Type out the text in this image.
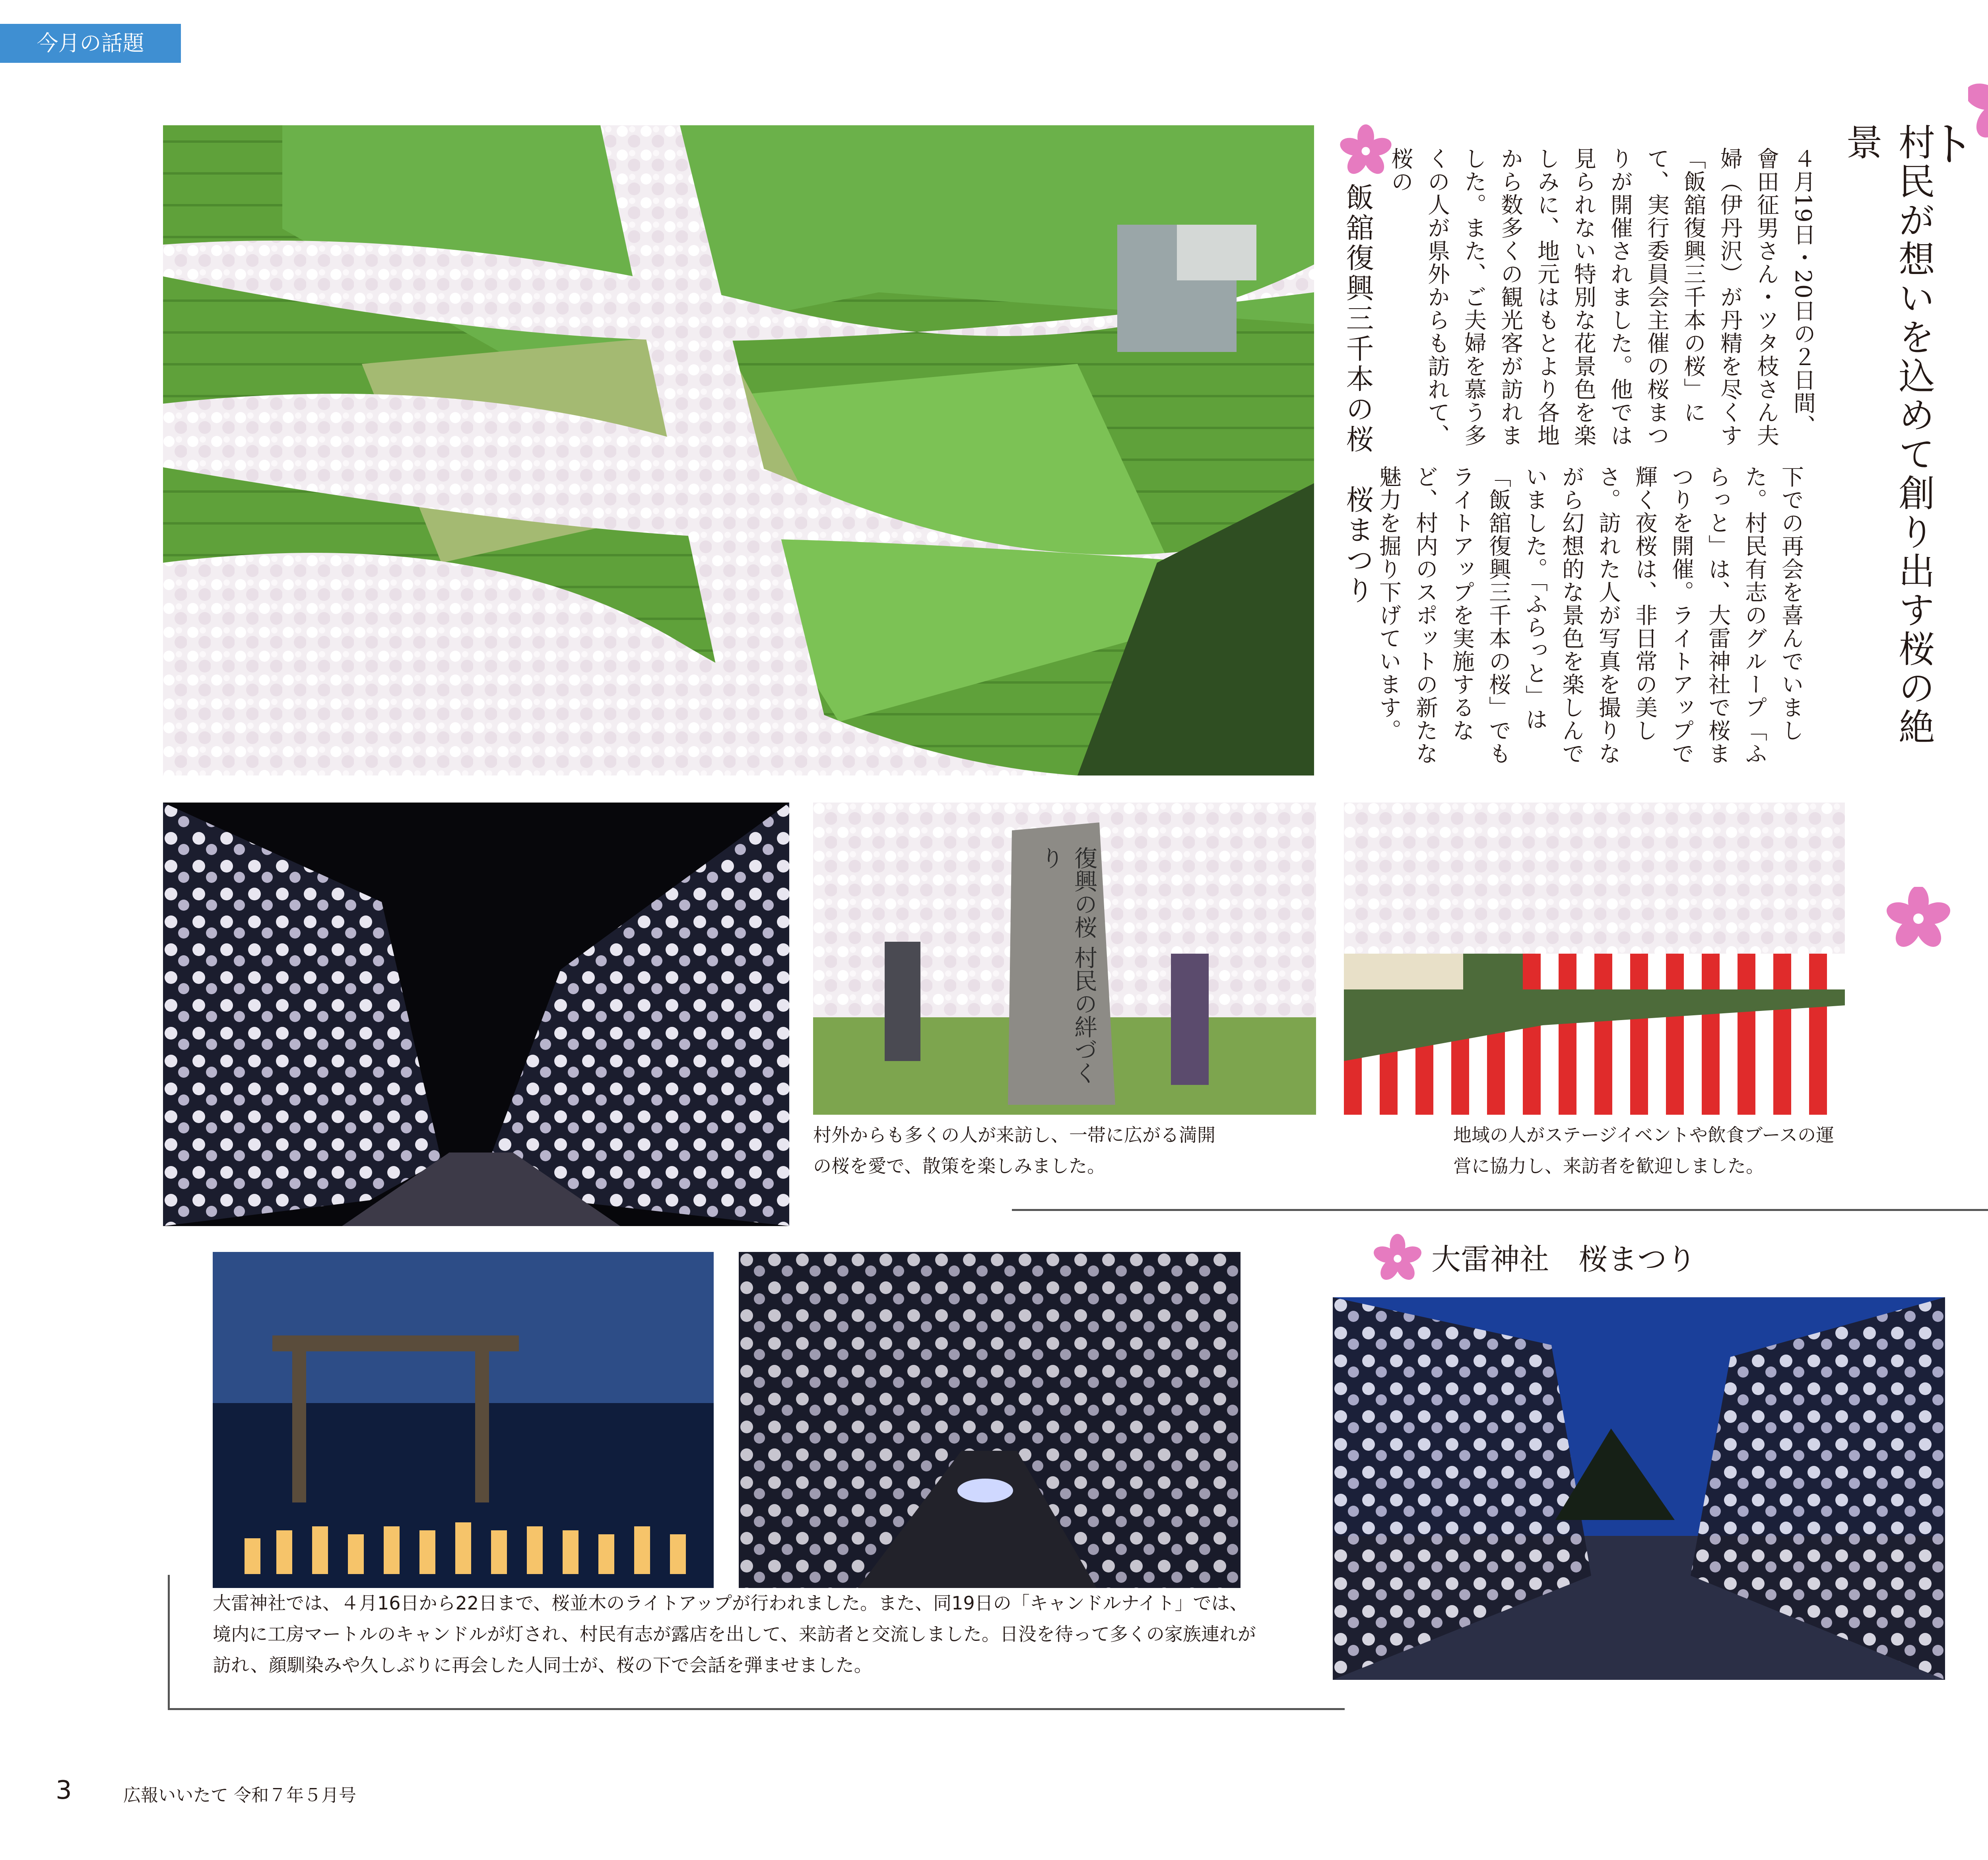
今月の話題
　ト
村民が想いを込めて創り出す桜の絶景
下での再会を喜んでいました。村民有志のグループ「ふらっと」は、大雷神社で桜まつりを開催。ライトアップで輝く夜桜は、非日常の美しさ。訪れた人が写真を撮りながら幻想的な景色を楽しんでいました。「ふらっと」は「飯舘復興三千本の桜」でもライトアップを実施するなど、村内のスポットの新たな魅力を掘り下げています。
４月19日・20日の２日間、會田征男さん・ツタ枝さん夫婦（伊丹沢）が丹精を尽くす「飯舘復興三千本の桜」にて、実行委員会主催の桜まつりが開催されました。他では見られない特別な花景色を楽しみに、地元はもとより各地から数多くの観光客が訪れました。また、ご夫婦を慕う多くの人が県外からも訪れて、桜の
飯舘復興三千本の桜　桜まつり
復興の桜 村民の絆づくり
村外からも多くの人が来訪し、一帯に広がる満開の桜を愛で、散策を楽しみました。
地域の人がステージイベントや飲食ブースの運営に協力し、来訪者を歓迎しました。
大雷神社　桜まつり
大雷神社では、４月16日から22日まで、桜並木のライトアップが行われました。また、同19日の「キャンドルナイト」では、境内に工房マートルのキャンドルが灯され、村民有志が露店を出して、来訪者と交流しました。日没を待って多くの家族連れが訪れ、顔馴染みや久しぶりに再会した人同士が、桜の下で会話を弾ませました。
3	広報いいたて 令和７年５月号
